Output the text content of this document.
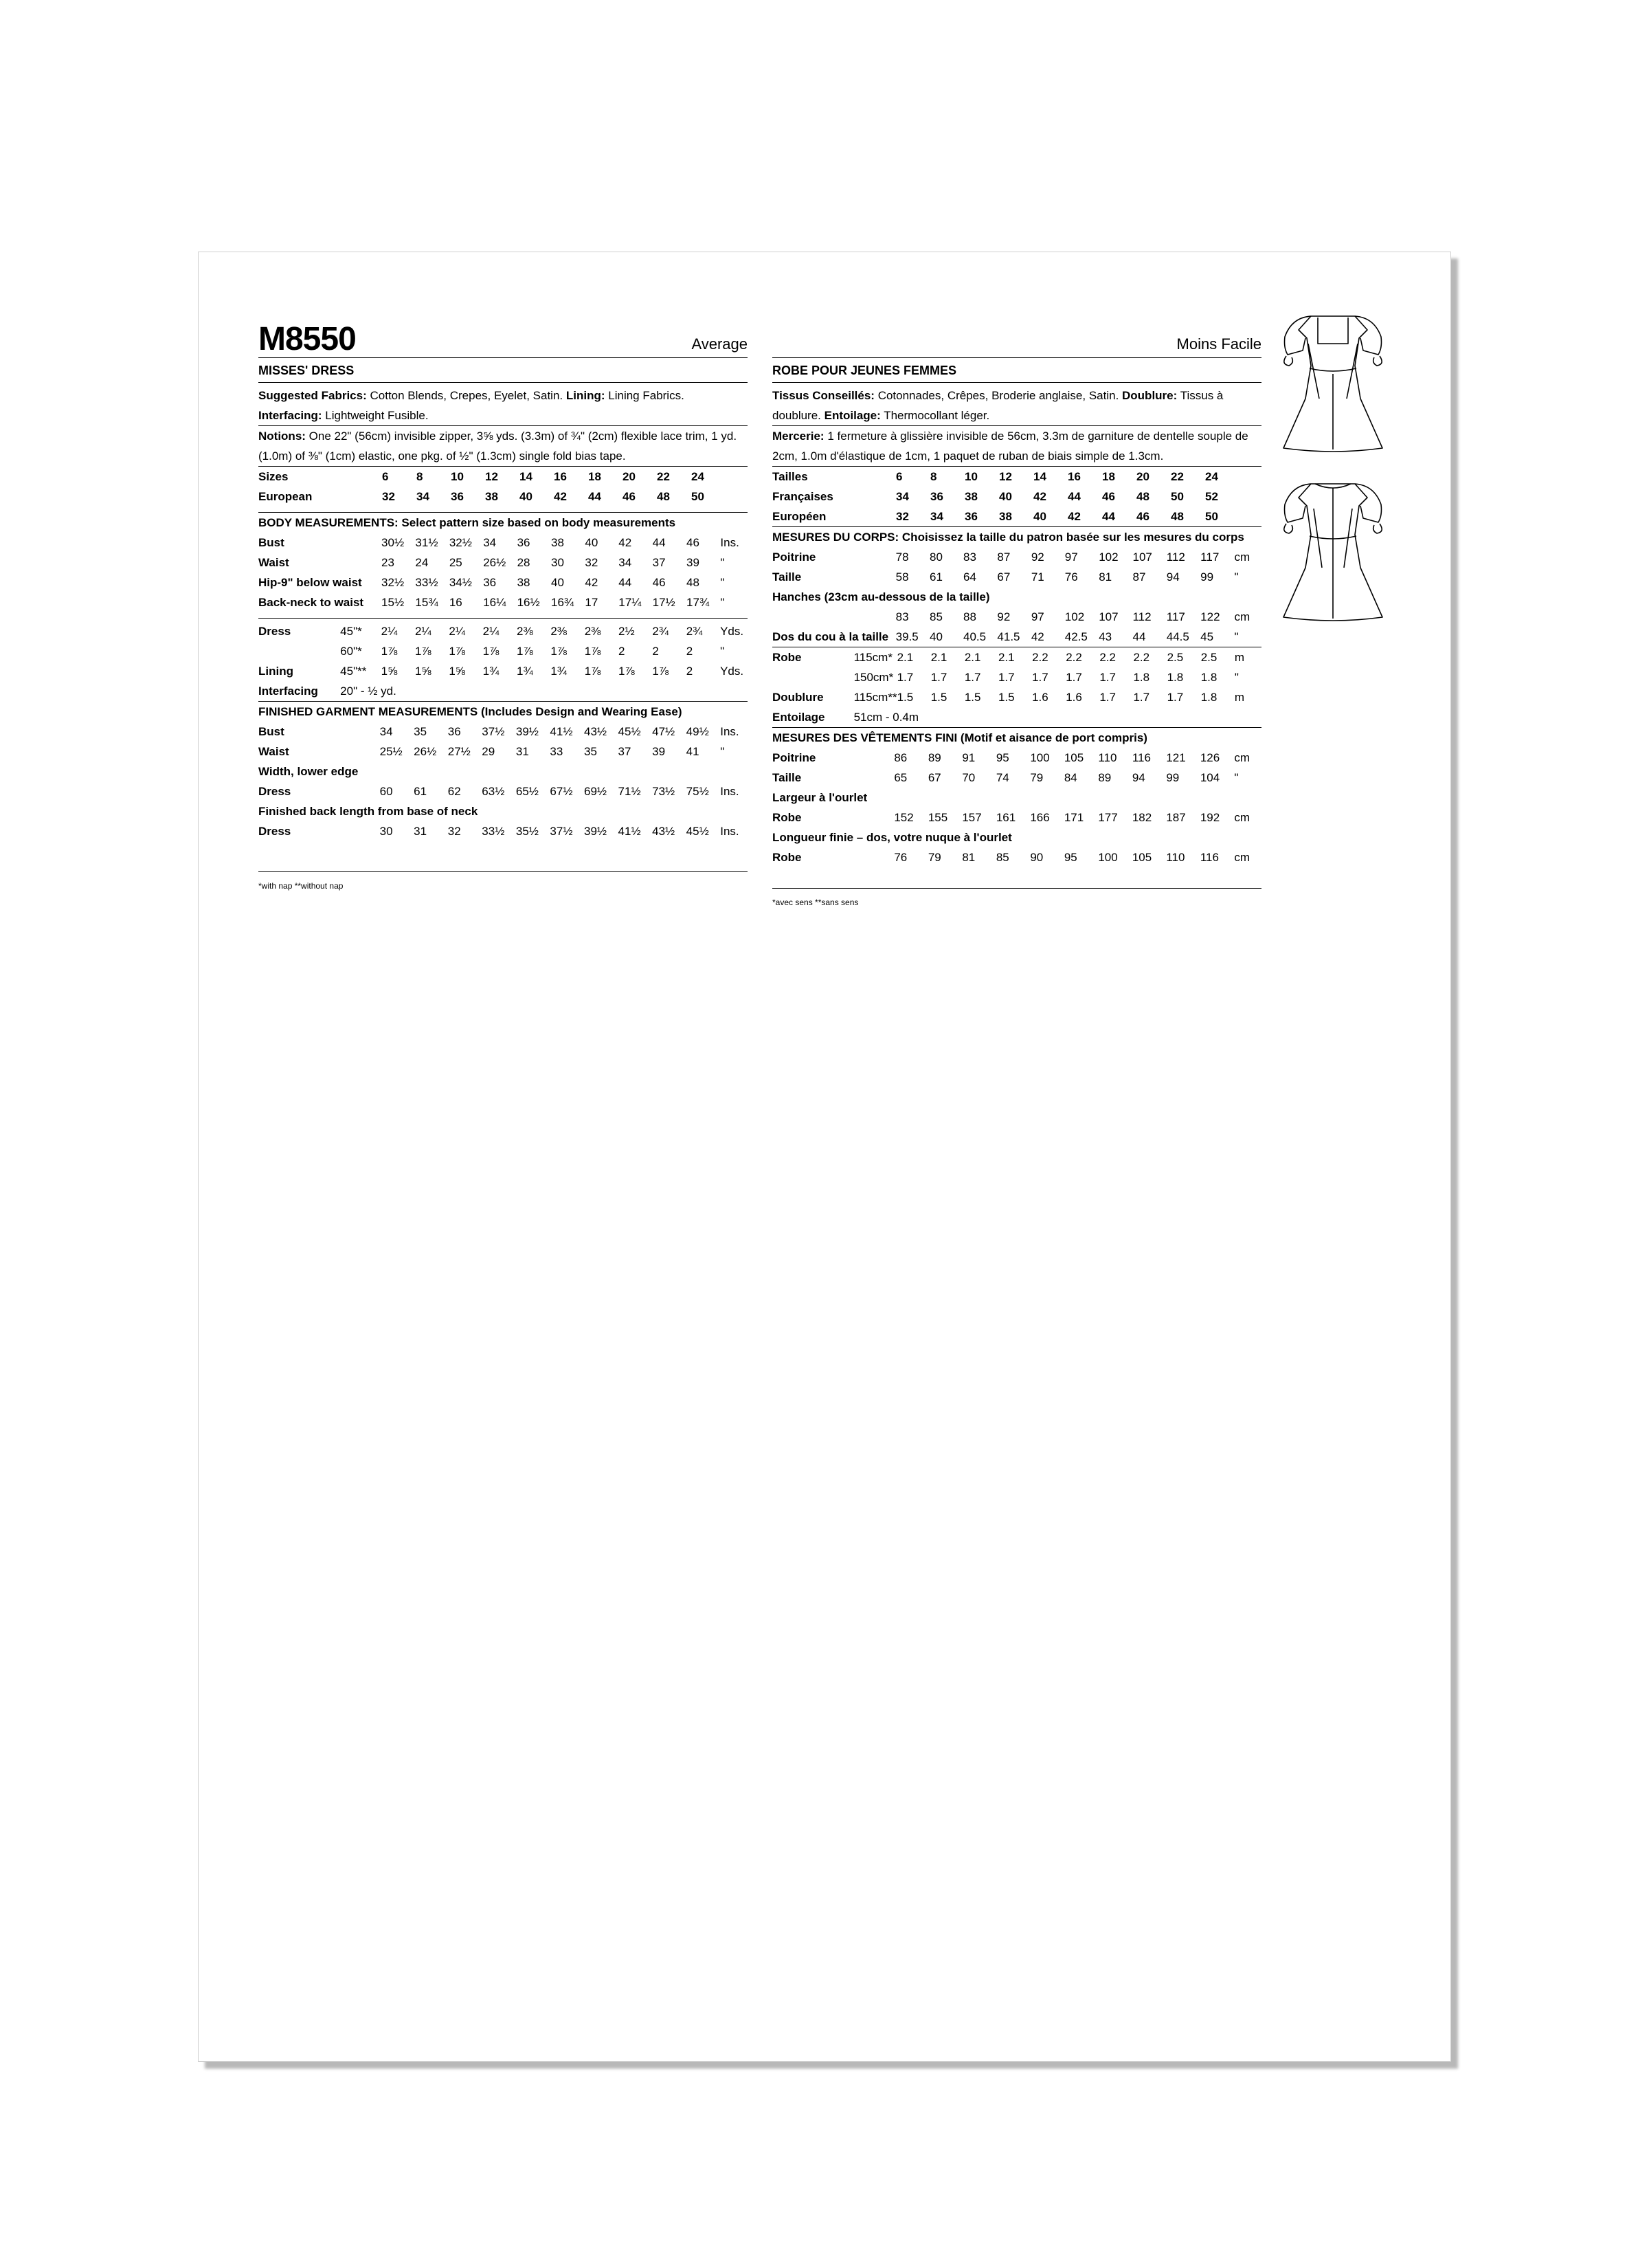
M8550	Average
MISSES' DRESS
Suggested Fabrics: Cotton Blends, Crepes, Eyelet, Satin. Lining: Lining Fabrics. Interfacing: Lightweight Fusible.
Notions: One 22" (56cm) invisible zipper, 3⅝ yds. (3.3m) of ¾" (2cm) flexible lace trim, 1 yd. (1.0m) of ⅜" (1cm) elastic, one pkg. of ½" (1.3cm) single fold bias tape.
Sizes	6	8	10	12	14	16	18	20	22	24
European	32	34	36	38	40	42	44	46	48	50
BODY MEASUREMENTS: Select pattern size based on body measurements
Bust	30½	31½	32½	34	36	38	40	42	44	46	Ins.
Waist	23	24	25	26½	28	30	32	34	37	39	"
Hip-9" below waist	32½	33½	34½	36	38	40	42	44	46	48	"
Back-neck to waist	15½	15¾	16	16¼	16½	16¾	17	17¼	17½	17¾	"
Dress	45"*	2¼	2¼	2¼	2¼	2⅜	2⅜	2⅜	2½	2¾	2¾	Yds.
	60"*	1⅞	1⅞	1⅞	1⅞	1⅞	1⅞	1⅞	2	2	2	"
Lining	45"**	1⅝	1⅝	1⅝	1¾	1¾	1¾	1⅞	1⅞	1⅞	2	Yds.
Interfacing	20" - ½ yd.											
FINISHED GARMENT MEASUREMENTS (Includes Design and Wearing Ease)
Bust	34	35	36	37½	39½	41½	43½	45½	47½	49½	Ins.
Waist	25½	26½	27½	29	31	33	35	37	39	41	"
Width, lower edge											
Dress	60	61	62	63½	65½	67½	69½	71½	73½	75½	Ins.
Finished back length from base of neck											
Dress	30	31	32	33½	35½	37½	39½	41½	43½	45½	Ins.
*with nap **without nap
Moins Facile
ROBE POUR JEUNES FEMMES
Tissus Conseillés: Cotonnades, Crêpes, Broderie anglaise, Satin. Doublure: Tissus à doublure. Entoilage: Thermocollant léger.
Mercerie: 1 fermeture à glissière invisible de 56cm, 3.3m de garniture de dentelle souple de 2cm, 1.0m d'élastique de 1cm, 1 paquet de ruban de biais simple de 1.3cm.
Tailles	6	8	10	12	14	16	18	20	22	24
Françaises	34	36	38	40	42	44	46	48	50	52
Européen	32	34	36	38	40	42	44	46	48	50
MESURES DU CORPS: Choisissez la taille du patron basée sur les mesures du corps
Poitrine	78	80	83	87	92	97	102	107	112	117	cm
Taille	58	61	64	67	71	76	81	87	94	99	"
Hanches (23cm au-dessous de la taille)											
	83	85	88	92	97	102	107	112	117	122	cm
Dos du cou à la taille	39.5	40	40.5	41.5	42	42.5	43	44	44.5	45	"
Robe	115cm*	2.1	2.1	2.1	2.1	2.2	2.2	2.2	2.2	2.5	2.5	m
	150cm*	1.7	1.7	1.7	1.7	1.7	1.7	1.7	1.8	1.8	1.8	"
Doublure	115cm**	1.5	1.5	1.5	1.5	1.6	1.6	1.7	1.7	1.7	1.8	m
Entoilage	51cm - 0.4m											
MESURES DES VÊTEMENTS FINI (Motif et aisance de port compris)
Poitrine	86	89	91	95	100	105	110	116	121	126	cm
Taille	65	67	70	74	79	84	89	94	99	104	"
Largeur à l'ourlet											
Robe	152	155	157	161	166	171	177	182	187	192	cm
Longueur finie – dos, votre nuque à l'ourlet											
Robe	76	79	81	85	90	95	100	105	110	116	cm
*avec sens **sans sens
